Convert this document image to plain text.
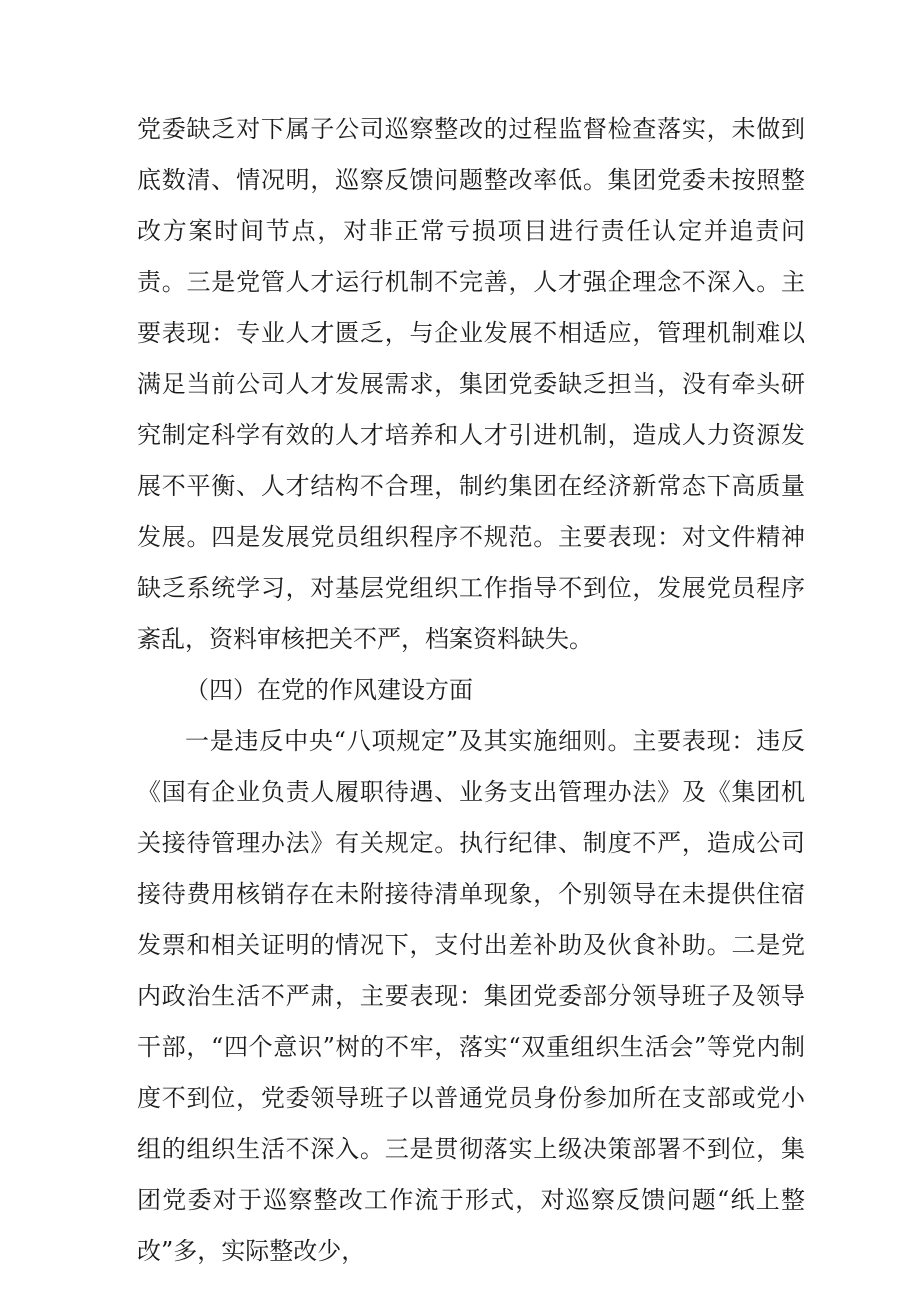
党委缺乏对下属子公司巡察整改的过程监督检查落实，未做到底数清、情况明，巡察反馈问题整改率低。集团党委未按照整改方案时间节点，对非正常亏损项目进行责任认定并追责问责。三是党管人才运行机制不完善，人才强企理念不深入。主要表现：专业人才匮乏，与企业发展不相适应，管理机制难以满足当前公司人才发展需求，集团党委缺乏担当，没有牵头研究制定科学有效的人才培养和人才引进机制，造成人力资源发展不平衡、人才结构不合理，制约集团在经济新常态下高质量发展。四是发展党员组织程序不规范。主要表现：对文件精神缺乏系统学习，对基层党组织工作指导不到位，发展党员程序紊乱，资料审核把关不严，档案资料缺失。

（四）在党的作风建设方面

一是违反中央“八项规定”及其实施细则。主要表现：违反《国有企业负责人履职待遇、业务支出管理办法》及《集团机关接待管理办法》有关规定。执行纪律、制度不严，造成公司接待费用核销存在未附接待清单现象，个别领导在未提供住宿发票和相关证明的情况下，支付出差补助及伙食补助。二是党内政治生活不严肃，主要表现：集团党委部分领导班子及领导干部，“四个意识”树的不牢，落实“双重组织生活会”等党内制度不到位，党委领导班子以普通党员身份参加所在支部或党小组的组织生活不深入。三是贯彻落实上级决策部署不到位，集团党委对于巡察整改工作流于形式，对巡察反馈问题“纸上整改”多，实际整改少，
